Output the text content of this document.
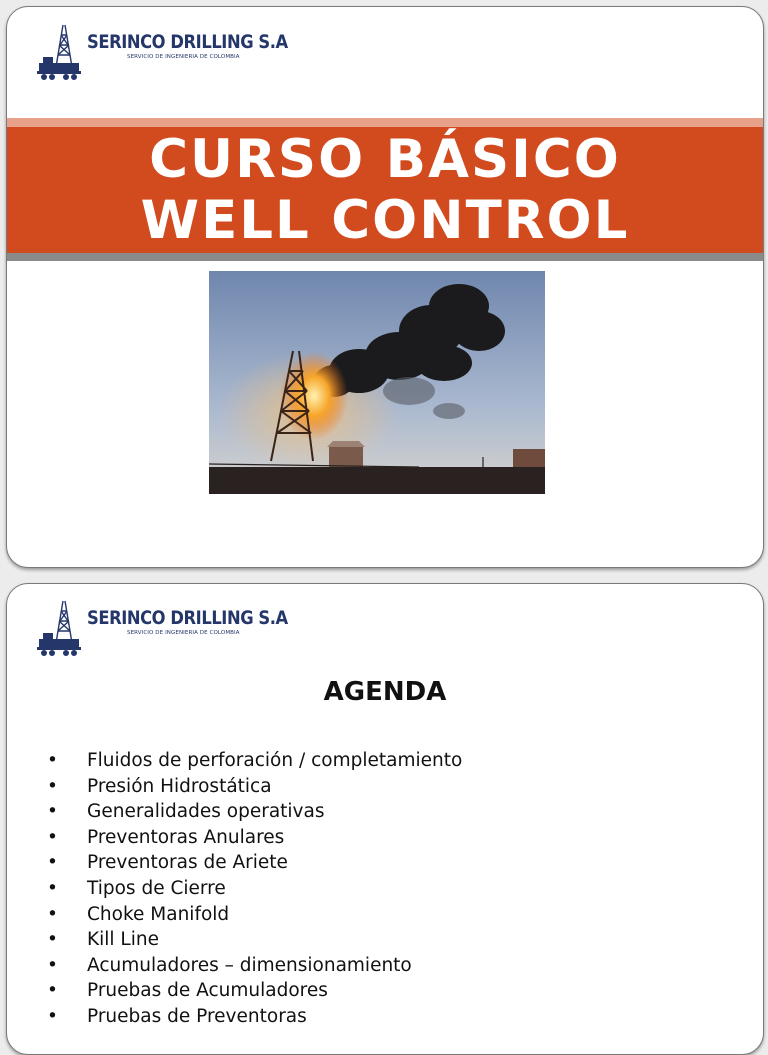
SERINCO DRILLING S.A
SERVICIO DE INGENIERIA DE COLOMBIA
CURSO BÁSICO
WELL CONTROL
SERINCO DRILLING S.A
SERVICIO DE INGENIERIA DE COLOMBIA
AGENDA
•	Fluidos de perforación / completamiento
•	Presión Hidrostática
•	Generalidades operativas
•	Preventoras Anulares
•	Preventoras de Ariete
•	Tipos de Cierre
•	Choke Manifold
•	Kill Line
•	Acumuladores – dimensionamiento
•	Pruebas de Acumuladores
•	Pruebas de Preventoras
